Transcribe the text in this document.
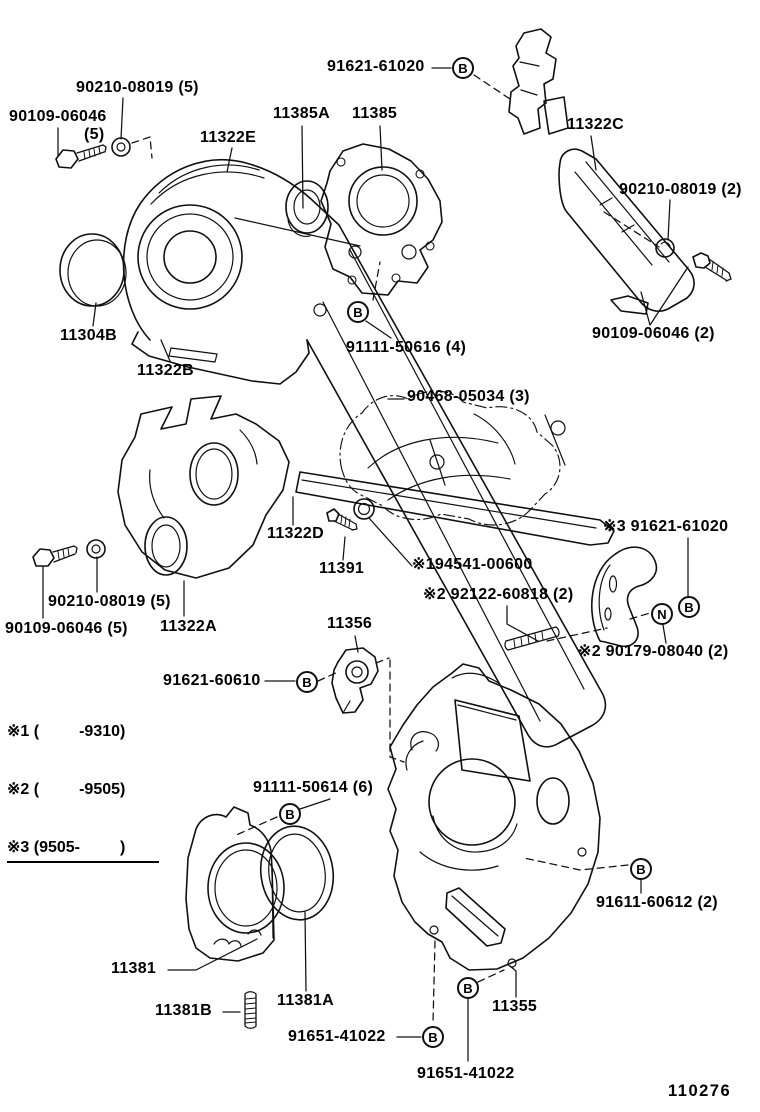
90210-08019 (5)
90109-06046
(5)	11322E
11385A 11385
91621-61020
11322C
90210-08019 (2)
90109-06046 (2)
11304B
11322B
91111-50616 (4)
90468-05034 (3)
11322D
11391	※194541-00600
※2 92122-60818 (2)
※3 91621-61020
※2 90179-08040 (2)
90210-08019 (5)
90109-06046 (5) 11322A
91621-60610
11356
91111-50614 (6)
11381
11381B
11381A
91651-41022
11355
91611-60612 (2)
91651-41022
B
B
B
N
B
B
B
B
B

※1 (         -9310)

※2 (         -9505)

※3 (9505-         )

110276
